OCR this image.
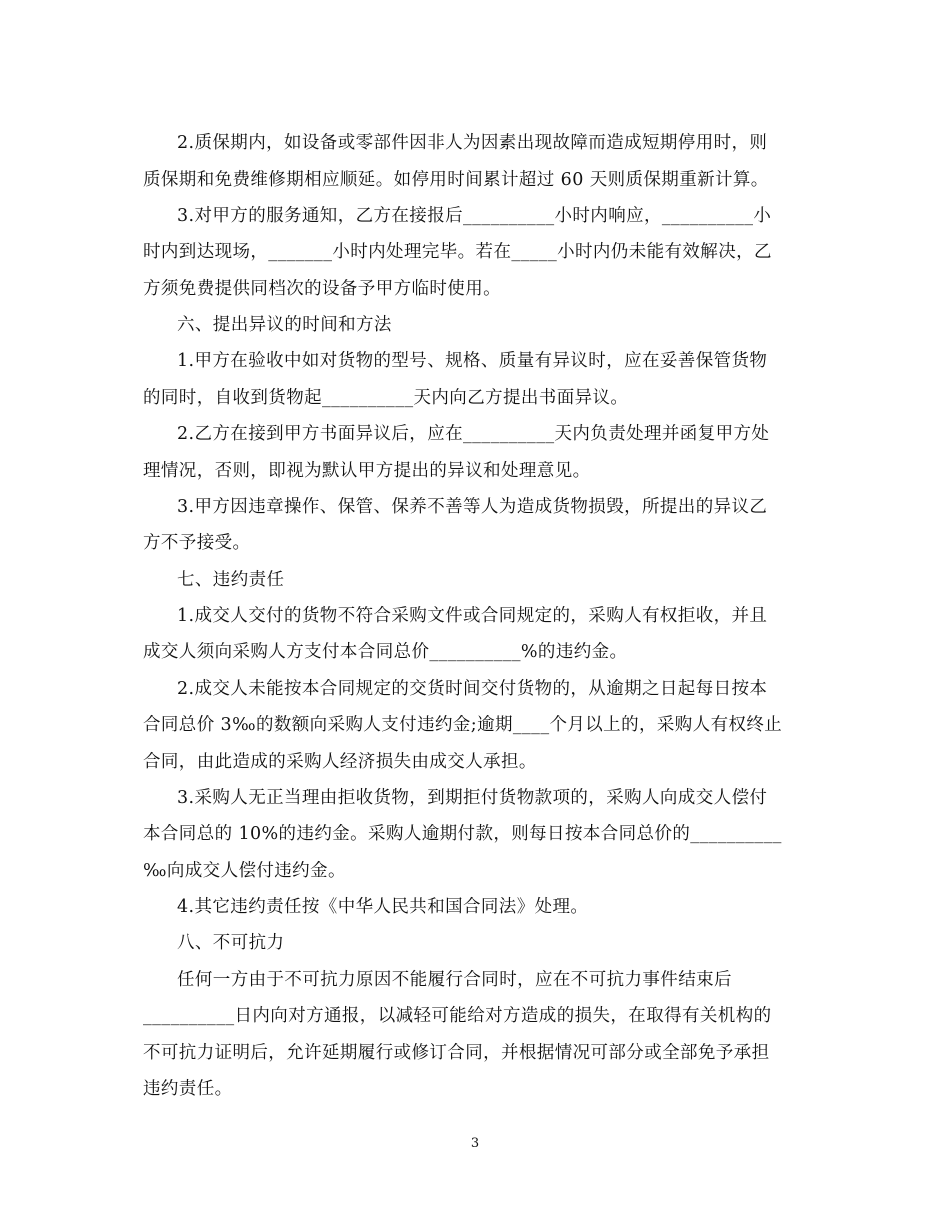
2.质保期内，如设备或零部件因非人为因素出现故障而造成短期停用时，则
质保期和免费维修期相应顺延。如停用时间累计超过 60 天则质保期重新计算。
3.对甲方的服务通知，乙方在接报后__________小时内响应，__________小
时内到达现场，_______小时内处理完毕。若在_____小时内仍未能有效解决，乙
方须免费提供同档次的设备予甲方临时使用。
六、提出异议的时间和方法
1.甲方在验收中如对货物的型号、规格、质量有异议时，应在妥善保管货物
的同时，自收到货物起__________天内向乙方提出书面异议。
2.乙方在接到甲方书面异议后，应在__________天内负责处理并函复甲方处
理情况，否则，即视为默认甲方提出的异议和处理意见。
3.甲方因违章操作、保管、保养不善等人为造成货物损毁，所提出的异议乙
方不予接受。
七、违约责任
1.成交人交付的货物不符合采购文件或合同规定的，采购人有权拒收，并且
成交人须向采购人方支付本合同总价__________%的违约金。
2.成交人未能按本合同规定的交货时间交付货物的，从逾期之日起每日按本
合同总价 3‰的数额向采购人支付违约金;逾期____个月以上的，采购人有权终止
合同，由此造成的采购人经济损失由成交人承担。
3.采购人无正当理由拒收货物，到期拒付货物款项的，采购人向成交人偿付
本合同总的 10%的违约金。采购人逾期付款，则每日按本合同总价的__________
‰向成交人偿付违约金。
4.其它违约责任按《中华人民共和国合同法》处理。
八、不可抗力
任何一方由于不可抗力原因不能履行合同时，应在不可抗力事件结束后
__________日内向对方通报，以减轻可能给对方造成的损失，在取得有关机构的
不可抗力证明后，允许延期履行或修订合同，并根据情况可部分或全部免予承担
违约责任。
3
